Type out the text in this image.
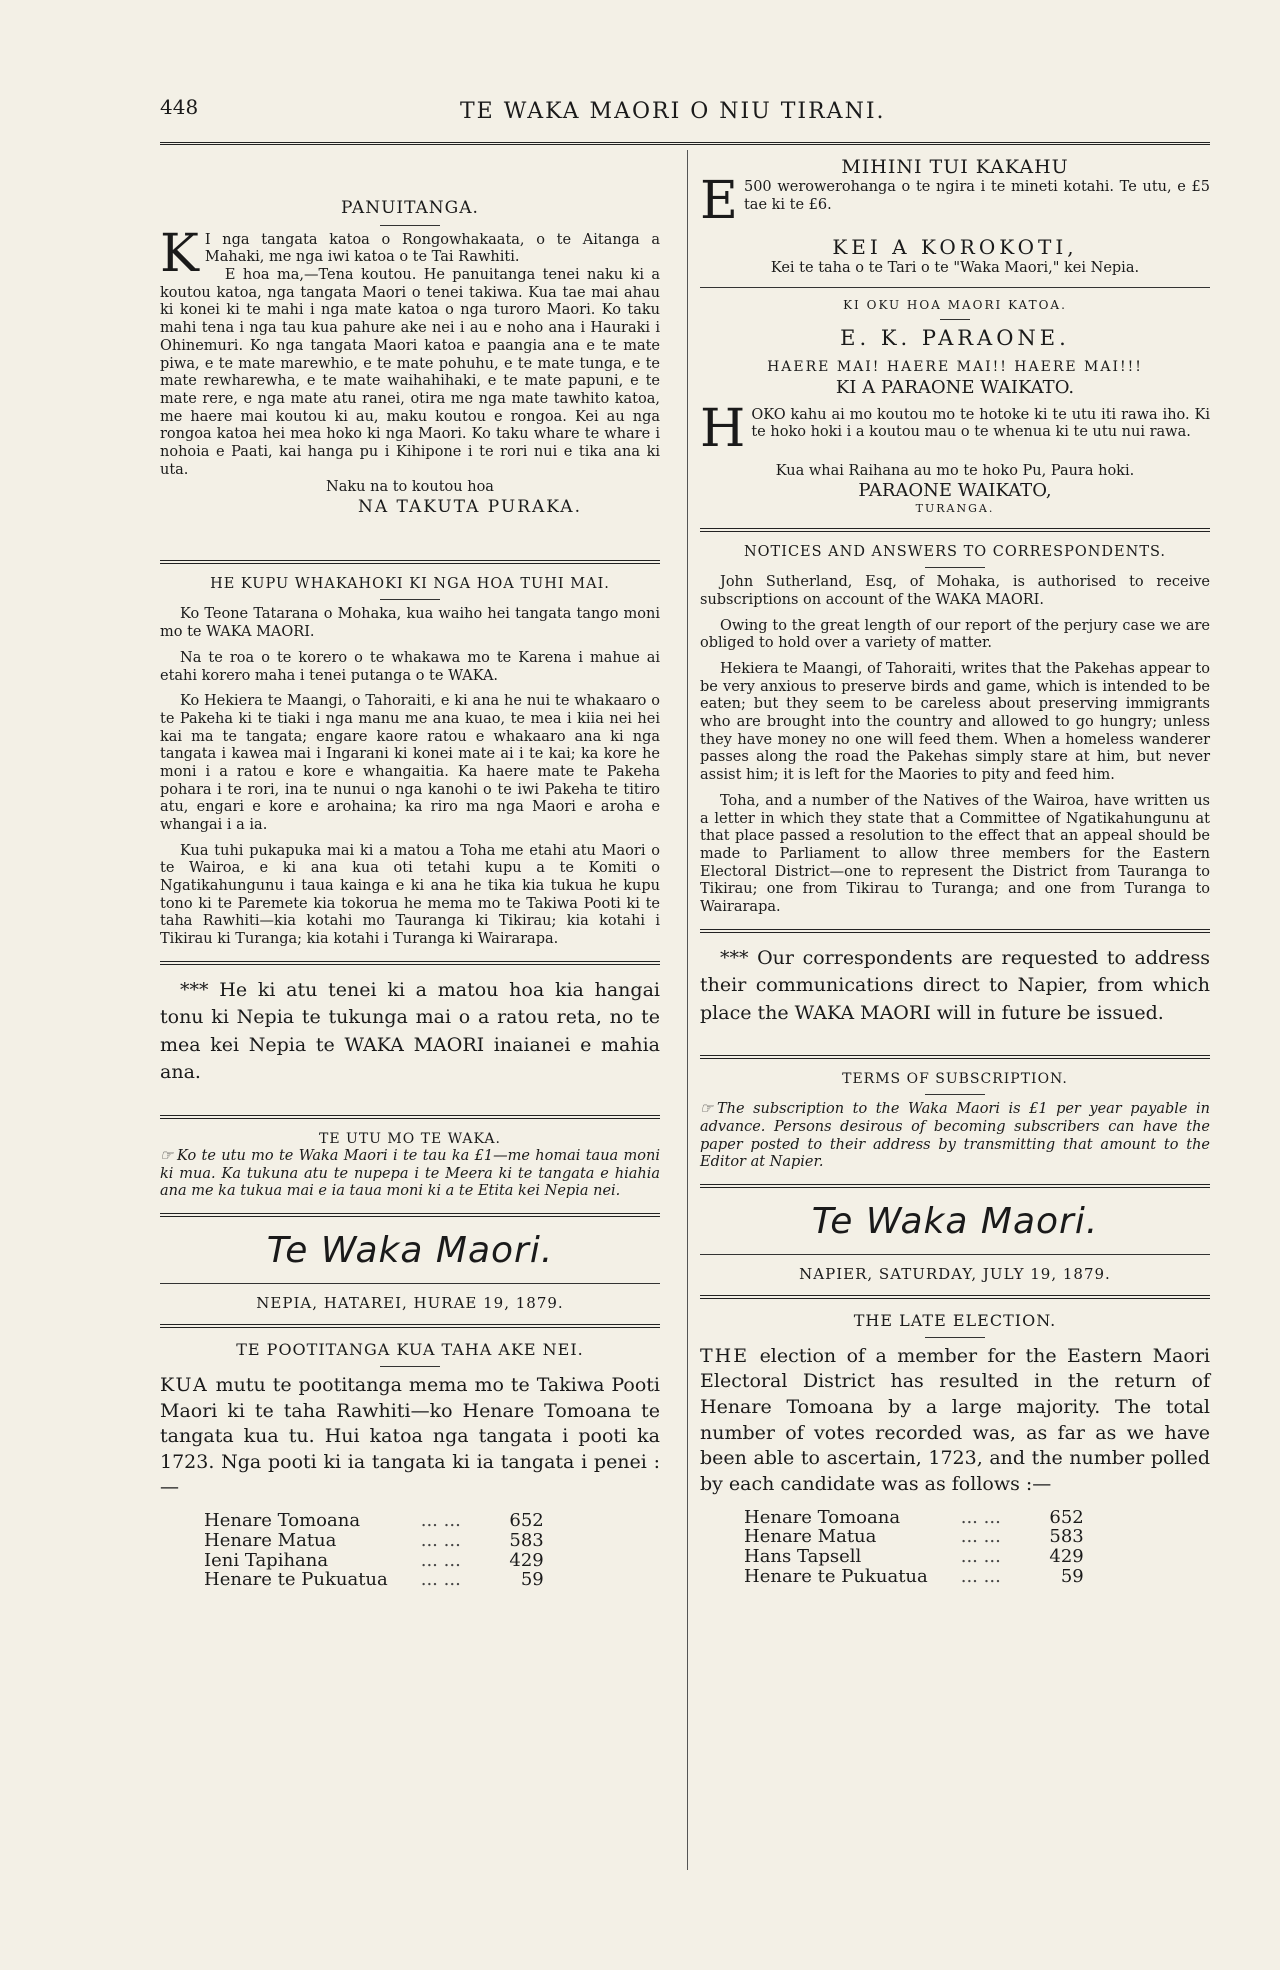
448	TE WAKA MAORI O NIU TIRANI.
PANUITANGA.
K I nga tangata katoa o Rongowhakaata, o te Aitanga a Mahaki, me nga iwi katoa o te Tai Rawhiti.

E hoa ma,—Tena koutou. He panuitanga tenei naku ki a koutou katoa, nga tangata Maori o tenei takiwa. Kua tae mai ahau ki konei ki te mahi i nga mate katoa o nga turoro Maori. Ko taku mahi tena i nga tau kua pahure ake nei i au e noho ana i Hauraki i Ohinemuri. Ko nga tangata Maori katoa e paangia ana e te mate piwa, e te mate marewhio, e te mate pohuhu, e te mate tunga, e te mate rewharewha, e te mate waihahihaki, e te mate papuni, e te mate rere, e nga mate atu ranei, otira me nga mate tawhito katoa, me haere mai koutou ki au, maku koutou e rongoa. Kei au nga rongoa katoa hei mea hoko ki nga Maori. Ko taku whare te whare i nohoia e Paati, kai hanga pu i Kihipone i te rori nui e tika ana ki uta.

Naku na to koutou hoa

NA TAKUTA PURAKA.

HE KUPU WHAKAHOKI KI NGA HOA TUHI MAI.

Ko Teone Tatarana o Mohaka, kua waiho hei tangata tango moni mo te WAKA MAORI.

Na te roa o te korero o te whakawa mo te Karena i mahue ai etahi korero maha i tenei putanga o te WAKA.

Ko Hekiera te Maangi, o Tahoraiti, e ki ana he nui te whakaaro o te Pakeha ki te tiaki i nga manu me ana kuao, te mea i kiia nei hei kai ma te tangata; engare kaore ratou e whakaaro ana ki nga tangata i kawea mai i Ingarani ki konei mate ai i te kai; ka kore he moni i a ratou e kore e whangaitia. Ka haere mate te Pakeha pohara i te rori, ina te nunui o nga kanohi o te iwi Pakeha te titiro atu, engari e kore e arohaina; ka riro ma nga Maori e aroha e whangai i a ia.

Kua tuhi pukapuka mai ki a matou a Toha me etahi atu Maori o te Wairoa, e ki ana kua oti tetahi kupu a te Komiti o Ngatikahungunu i taua kainga e ki ana he tika kia tukua he kupu tono ki te Paremete kia tokorua he mema mo te Takiwa Pooti ki te taha Rawhiti—kia kotahi mo Tauranga ki Tikirau; kia kotahi i Tikirau ki Turanga; kia kotahi i Turanga ki Wairarapa.

*** He ki atu tenei ki a matou hoa kia hangai tonu ki Nepia te tukunga mai o a ratou reta, no te mea kei Nepia te WAKA MAORI inaianei e mahia ana.

TE UTU MO TE WAKA.

☞ Ko te utu mo te Waka Maori i te tau ka £1—me homai taua moni ki mua. Ka tukuna atu te nupepa i te Meera ki te tangata e hiahia ana me ka tukua mai e ia taua moni ki a te Etita kei Nepia nei.

Te Waka Maori.
NEPIA, HATAREI, HURAE 19, 1879.
TE POOTITANGA KUA TAHA AKE NEI.

KUA mutu te pootitanga mema mo te Takiwa Pooti Maori ki te taha Rawhiti—ko Henare Tomoana te tangata kua tu. Hui katoa nga tangata i pooti ka 1723. Nga pooti ki ia tangata ki ia tangata i penei :—

Henare Tomoana	... ...	652
Henare Matua	... ...	583
Ieni Tapihana	... ...	429
Henare te Pukuatua	... ...	59
MIHINI TUI KAKAHU
E 500 werowerohanga o te ngira i te mineti kotahi. Te utu, e £5 tae ki te £6.

KEI A KOROKOTI,

Kei te taha o te Tari o te "Waka Maori," kei Nepia.

KI OKU HOA MAORI KATOA.

E. K. PARAONE.

HAERE MAI! HAERE MAI!! HAERE MAI!!!

KI A PARAONE WAIKATO.

H OKO kahu ai mo koutou mo te hotoke ki te utu iti rawa iho. Ki te hoko hoki i a koutou mau o te whenua ki te utu nui rawa.

Kua whai Raihana au mo te hoko Pu, Paura hoki.

PARAONE WAIKATO,

TURANGA.

NOTICES AND ANSWERS TO CORRESPONDENTS.

John Sutherland, Esq, of Mohaka, is authorised to receive subscriptions on account of the WAKA MAORI.

Owing to the great length of our report of the perjury case we are obliged to hold over a variety of matter.

Hekiera te Maangi, of Tahoraiti, writes that the Pakehas appear to be very anxious to preserve birds and game, which is intended to be eaten; but they seem to be careless about preserving immigrants who are brought into the country and allowed to go hungry; unless they have money no one will feed them. When a homeless wanderer passes along the road the Pakehas simply stare at him, but never assist him; it is left for the Maories to pity and feed him.

Toha, and a number of the Natives of the Wairoa, have written us a letter in which they state that a Committee of Ngatikahungunu at that place passed a resolution to the effect that an appeal should be made to Parliament to allow three members for the Eastern Electoral District—one to represent the District from Tauranga to Tikirau; one from Tikirau to Turanga; and one from Turanga to Wairarapa.

*** Our correspondents are requested to address their communications direct to Napier, from which place the WAKA MAORI will in future be issued.

TERMS OF SUBSCRIPTION.

☞ The subscription to the Waka Maori is £1 per year payable in advance. Persons desirous of becoming subscribers can have the paper posted to their address by transmitting that amount to the Editor at Napier.

Te Waka Maori.
NAPIER, SATURDAY, JULY 19, 1879.
THE LATE ELECTION.

THE election of a member for the Eastern Maori Electoral District has resulted in the return of Henare Tomoana by a large majority. The total number of votes recorded was, as far as we have been able to ascertain, 1723, and the number polled by each candidate was as follows :—

Henare Tomoana	... ...	652
Henare Matua	... ...	583
Hans Tapsell	... ...	429
Henare te Pukuatua	... ...	59
